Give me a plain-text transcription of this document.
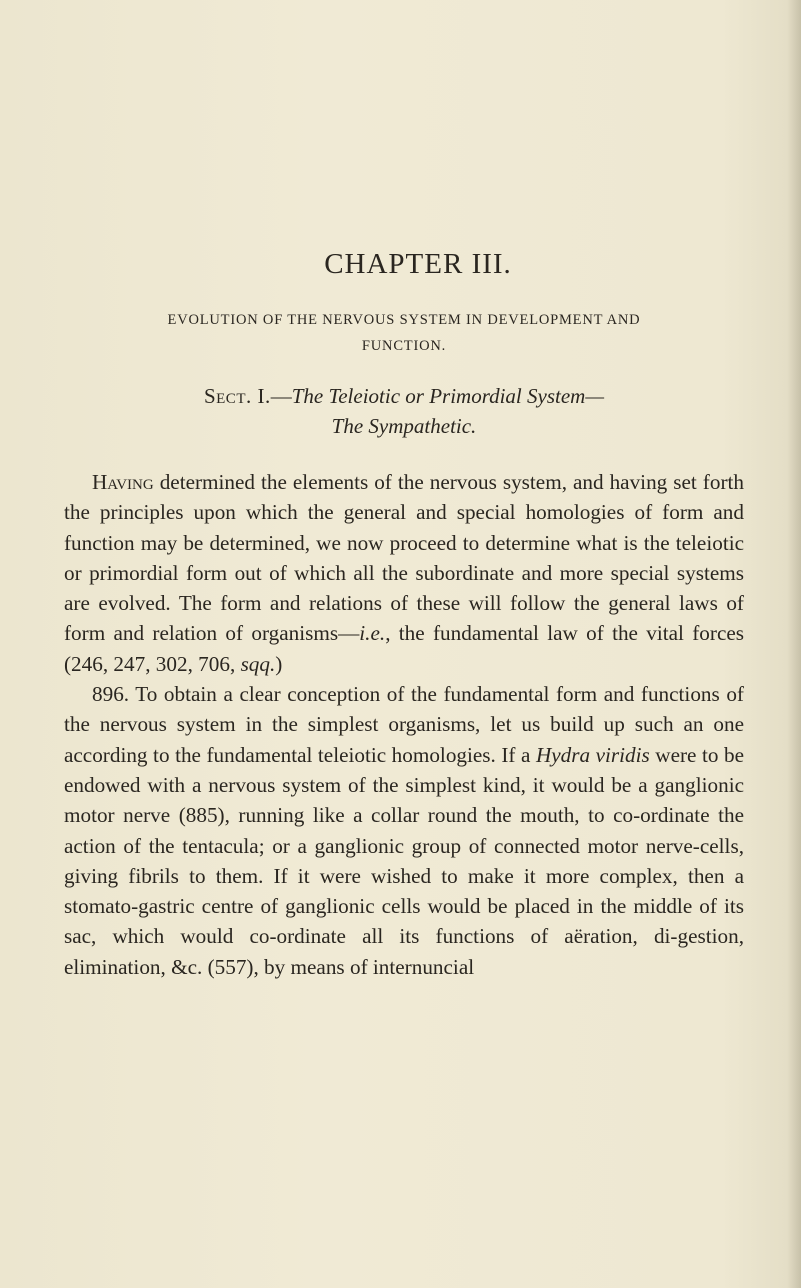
CHAPTER III.
EVOLUTION OF THE NERVOUS SYSTEM IN DEVELOPMENT AND
FUNCTION.
Sect. I.—The Teleiotic or Primordial System—
The Sympathetic.

Having determined the elements of the nervous system, and having set forth the principles upon which the general and special homologies of form and function may be determined, we now proceed to determine what is the teleiotic or primordial form out of which all the subordinate and more special systems are evolved. The form and relations of these will follow the general laws of form and relation of organisms—i.e., the fundamental law of the vital forces (246, 247, 302, 706, sqq.)

896. To obtain a clear conception of the fundamental form and functions of the nervous system in the simplest organisms, let us build up such an one according to the fundamental teleiotic homologies. If a Hydra viridis were to be endowed with a nervous system of the simplest kind, it would be a ganglionic motor nerve (885), running like a collar round the mouth, to co-ordinate the action of the tentacula; or a ganglionic group of connected motor nerve-cells, giving fibrils to them. If it were wished to make it more complex, then a stomato-gastric centre of ganglionic cells would be placed in the middle of its sac, which would co-ordinate all its functions of aëration, di-gestion, elimination, &c. (557), by means of internuncial
